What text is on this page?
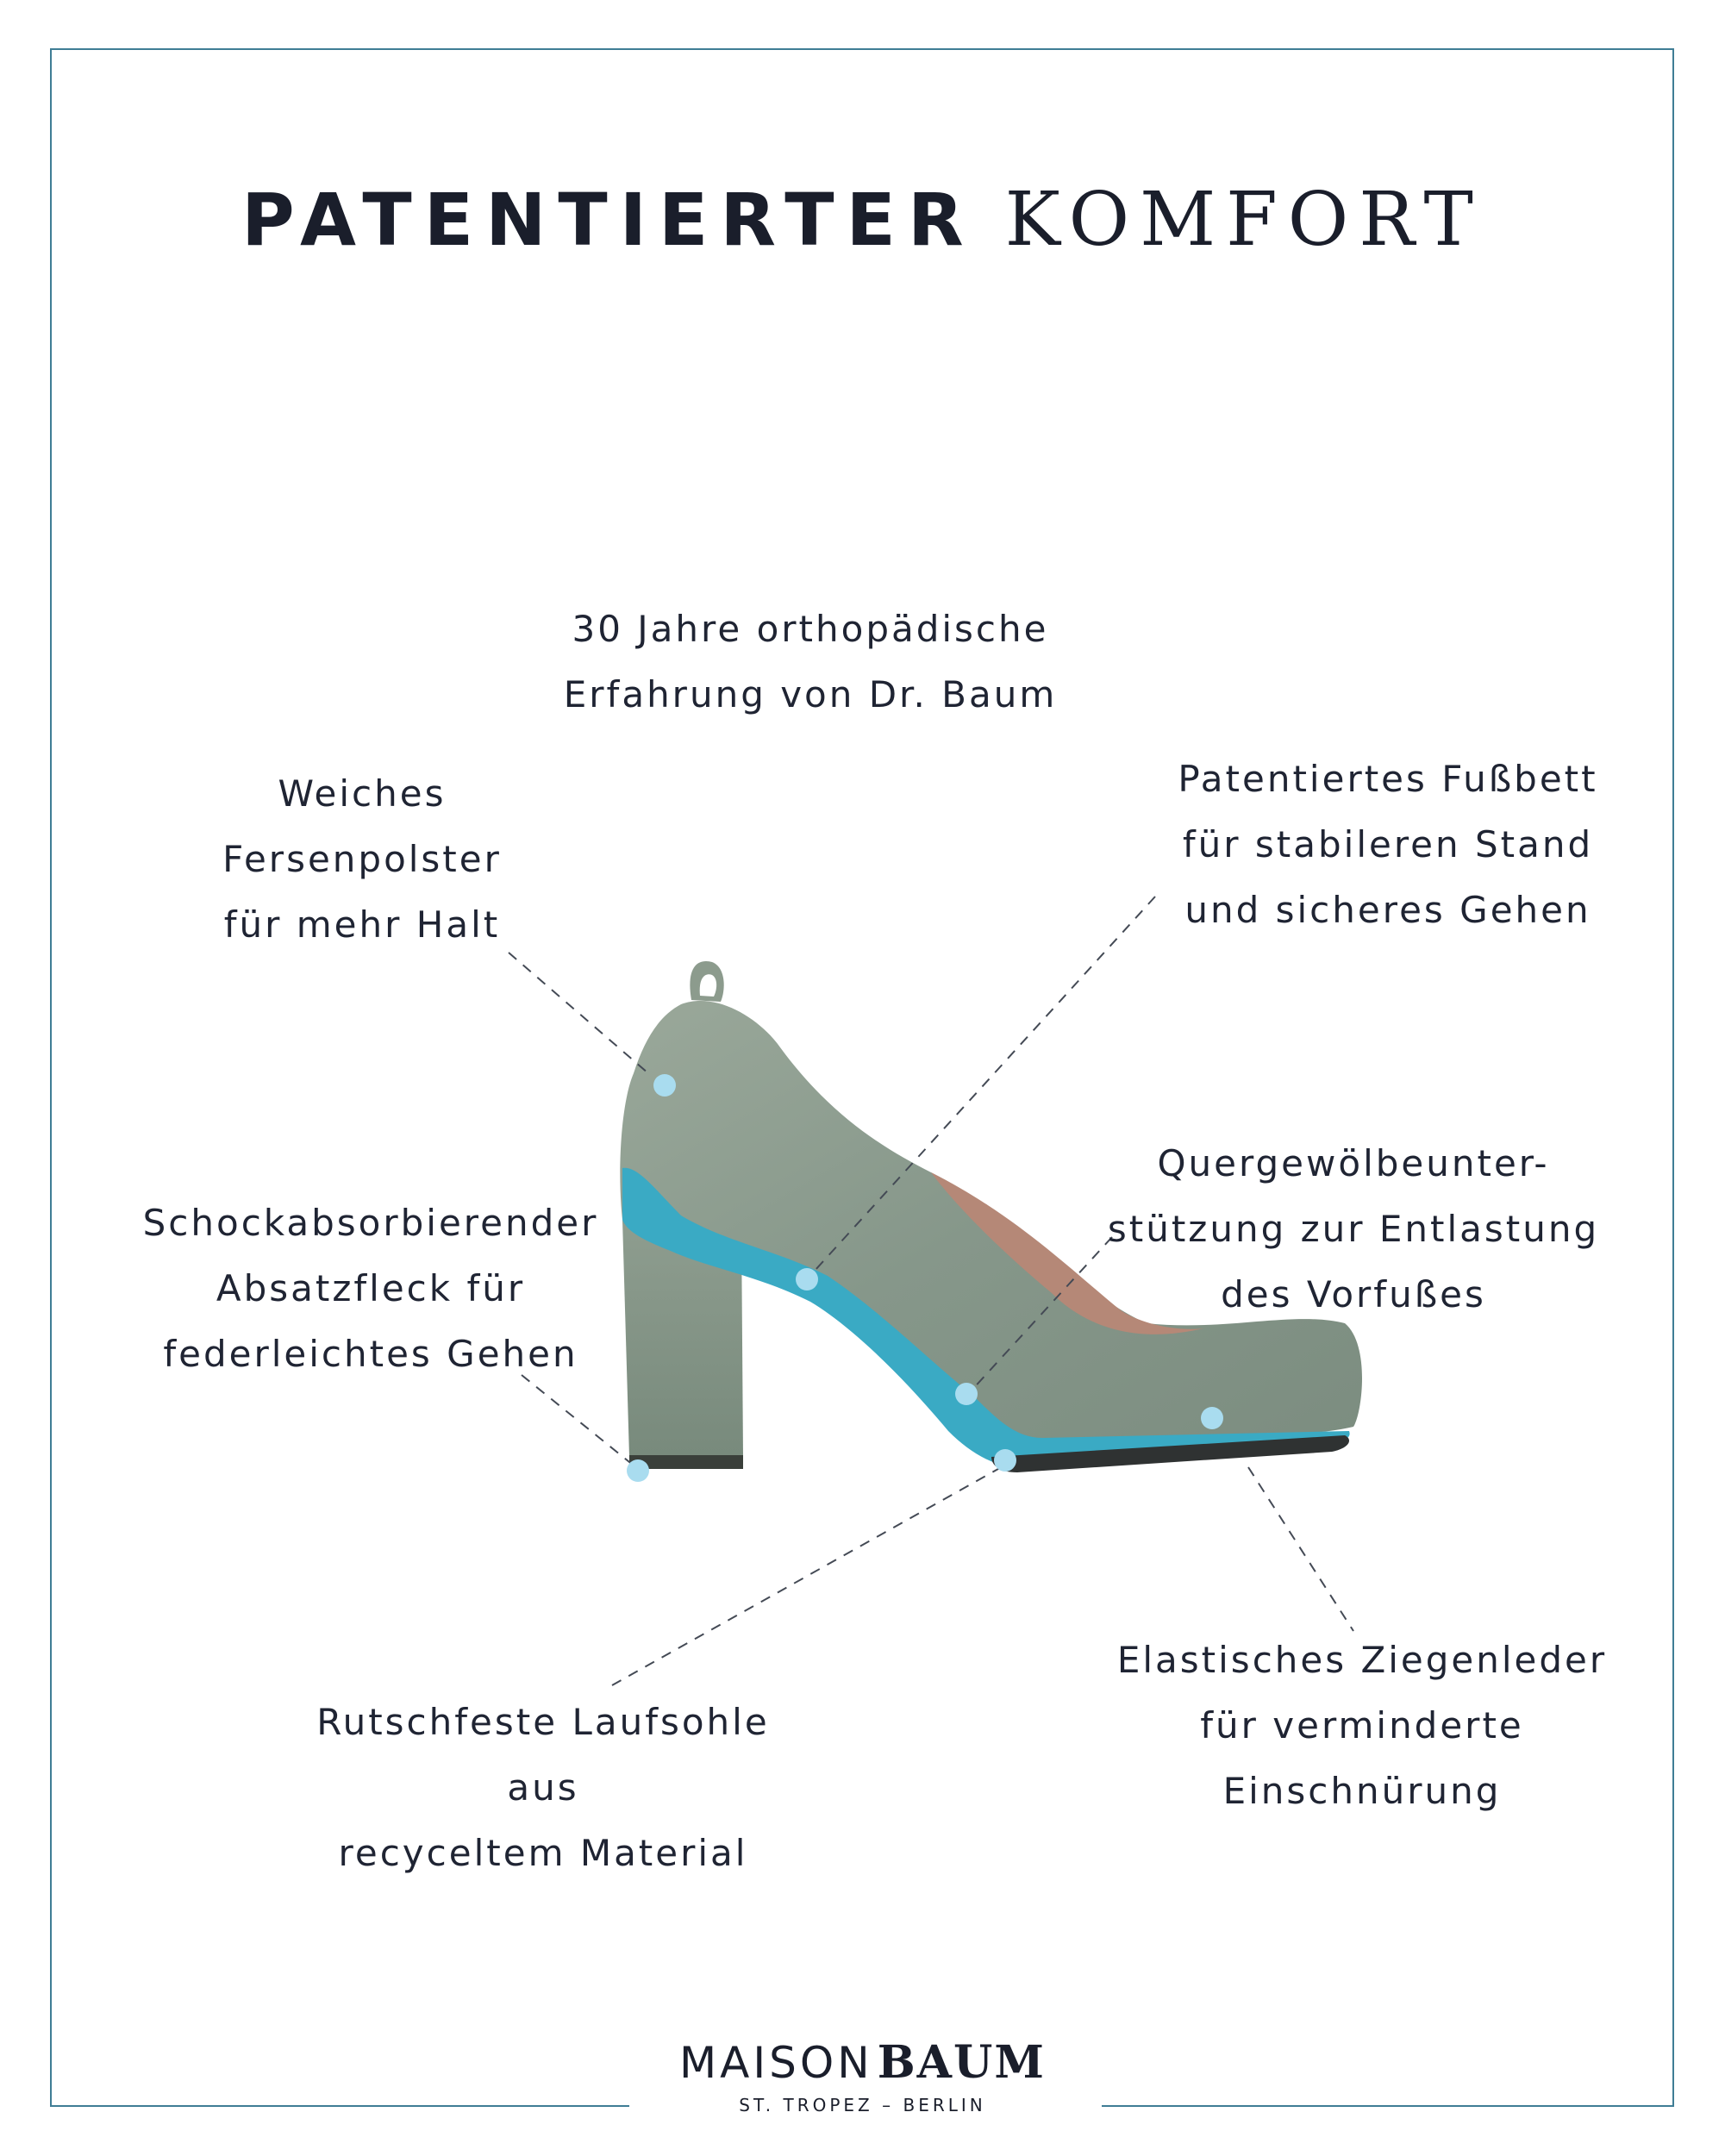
PATENTIERTER KOMFORT
30 Jahre orthopädische
Erfahrung von Dr. Baum
Weiches
Fersenpolster
für mehr Halt
Patentiertes Fußbett
für stabileren Stand
und sicheres Gehen
Schockabsorbierender
Absatzfleck für
federleichtes Gehen
Quergewölbeunter-
stützung zur Entlastung
des Vorfußes
Rutschfeste Laufsohle
aus
recyceltem Material
Elastisches Ziegenleder
für verminderte
Einschnürung
MAISON BAUM
ST. TROPEZ – BERLIN
